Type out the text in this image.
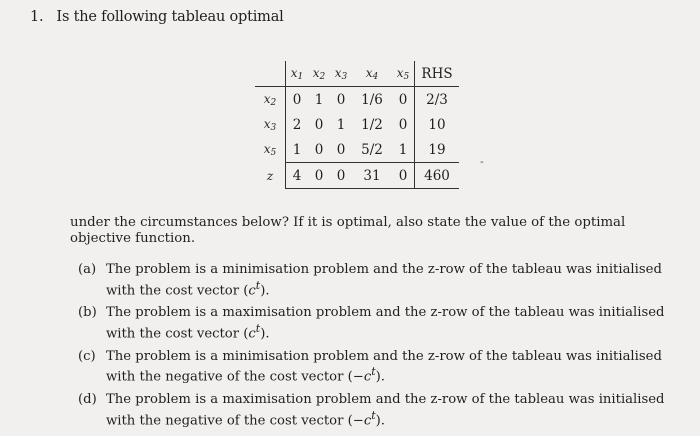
1. Is the following tableau optimal
	$x_1$	$x_2$	$x_3$	$x_4$	$x_5$	RHS
$x_2$	0	1	0	1/6	0	2/3
$x_3$	2	0	1	1/2	0	10
$x_5$	1	0	0	5/2	1	19
z	4	0	0	31	0	460
-
under the circumstances below? If it is optimal, also state the value of the optimal objective function.
(a) The problem is a minimisation problem and the z-row of the tableau was initialised with the cost vector $(c^t)$.
(b) The problem is a maximisation problem and the z-row of the tableau was initialised with the cost vector $(c^t)$.
(c) The problem is a minimisation problem and the z-row of the tableau was initialised with the negative of the cost vector $(-c^t)$.
(d) The problem is a maximisation problem and the z-row of the tableau was initialised with the negative of the cost vector $(-c^t)$.
